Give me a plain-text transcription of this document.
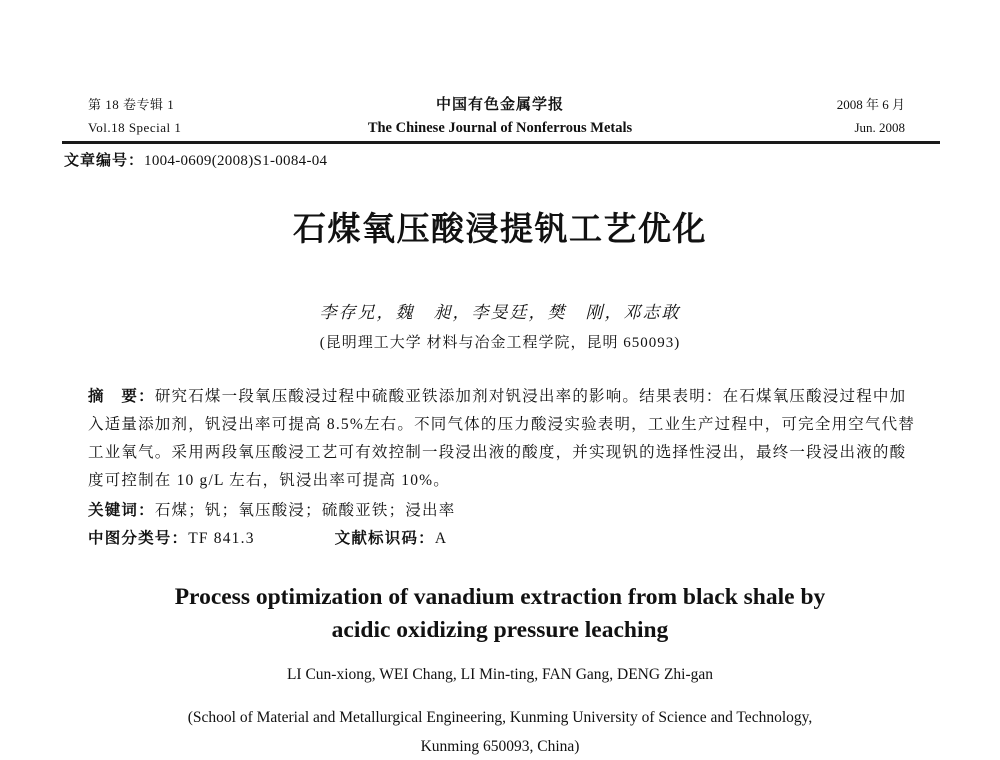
第 18 卷专辑 1
Vol.18 Special 1
中国有色金属学报
The Chinese Journal of Nonferrous Metals
2008 年 6 月
Jun. 2008
文章编号：1004-0609(2008)S1-0084-04
石煤氧压酸浸提钒工艺优化
李存兄，魏　昶，李旻廷，樊　刚，邓志敢
(昆明理工大学 材料与冶金工程学院，昆明 650093)
摘　要：研究石煤一段氧压酸浸过程中硫酸亚铁添加剂对钒浸出率的影响。结果表明：在石煤氧压酸浸过程中加
入适量添加剂，钒浸出率可提高 8.5%左右。不同气体的压力酸浸实验表明，工业生产过程中，可完全用空气代替
工业氧气。采用两段氧压酸浸工艺可有效控制一段浸出液的酸度，并实现钒的选择性浸出，最终一段浸出液的酸
度可控制在 10 g/L 左右，钒浸出率可提高 10%。
关键词：石煤；钒；氧压酸浸；硫酸亚铁；浸出率
中图分类号：TF 841.3	文献标识码：A
Process optimization of vanadium extraction from black shale by
acidic oxidizing pressure leaching
LI Cun-xiong, WEI Chang, LI Min-ting, FAN Gang, DENG Zhi-gan
(School of Material and Metallurgical Engineering, Kunming University of Science and Technology,
Kunming 650093, China)
